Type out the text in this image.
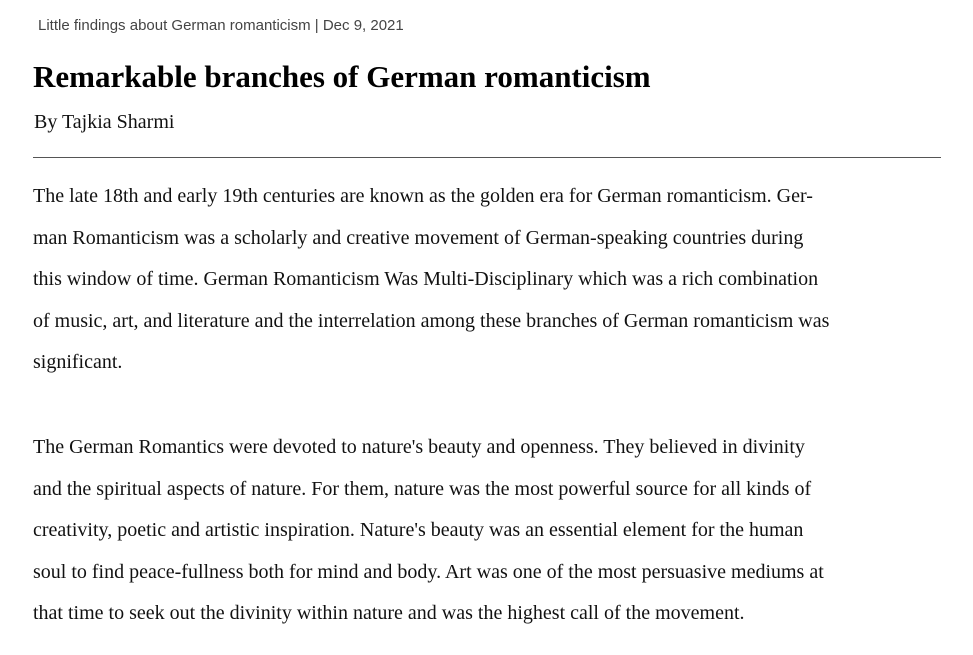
Little findings about German romanticism | Dec 9, 2021
Remarkable branches of German romanticism
By Tajkia Sharmi
The late 18th and early 19th centuries are known as the golden era for German romanticism. Ger-
man Romanticism was a scholarly and creative movement of German-speaking countries during
this window of time. German Romanticism Was Multi-Disciplinary which was a rich combination
of music, art, and literature and the interrelation among these branches of German romanticism was
significant.
The German Romantics were devoted to nature's beauty and openness. They believed in divinity
and the spiritual aspects of nature. For them, nature was the most powerful source for all kinds of
creativity, poetic and artistic inspiration. Nature's beauty was an essential element for the human
soul to find peace-fullness both for mind and body. Art was one of the most persuasive mediums at
that time to seek out the divinity within nature and was the highest call of the movement.
